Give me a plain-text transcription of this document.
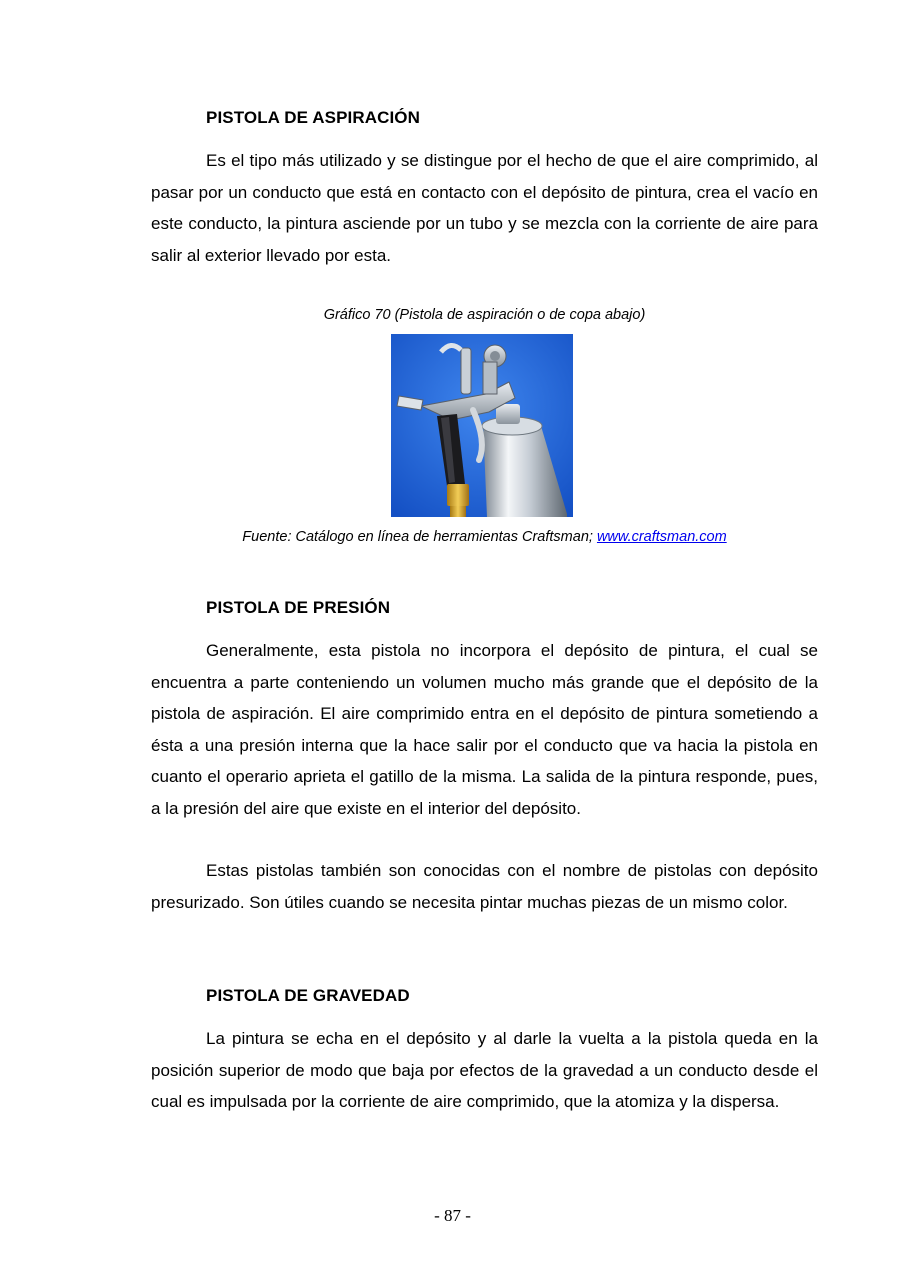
PISTOLA DE ASPIRACIÓN

Es el tipo más utilizado y se distingue por el hecho de que el aire comprimido, al pasar por un conducto que está en contacto con el depósito de pintura, crea el vacío en este conducto, la pintura asciende por un tubo y se mezcla con la corriente de aire para salir al exterior llevado por esta.

Gráfico 70 (Pistola de aspiración o de copa abajo)

Fuente: Catálogo en línea de herramientas Craftsman; www.craftsman.com

PISTOLA DE PRESIÓN

Generalmente, esta pistola no incorpora el depósito de pintura, el cual se encuentra a parte conteniendo un volumen mucho más grande que el depósito de la pistola de aspiración. El aire comprimido entra en el depósito de pintura sometiendo a ésta a una presión interna que la hace salir por el conducto que va hacia la pistola en cuanto el operario aprieta el gatillo de la misma. La salida de la pintura responde, pues, a la presión del aire que existe en el interior del depósito.

Estas pistolas también son conocidas con el nombre de pistolas con depósito presurizado. Son útiles cuando se necesita pintar muchas piezas de un mismo color.

PISTOLA DE GRAVEDAD

La pintura se echa en el depósito y al darle la vuelta a la pistola queda en la posición superior de modo que baja por efectos de la gravedad a un conducto desde el cual es impulsada por la corriente de aire comprimido, que la atomiza y la dispersa.

- 87 -
